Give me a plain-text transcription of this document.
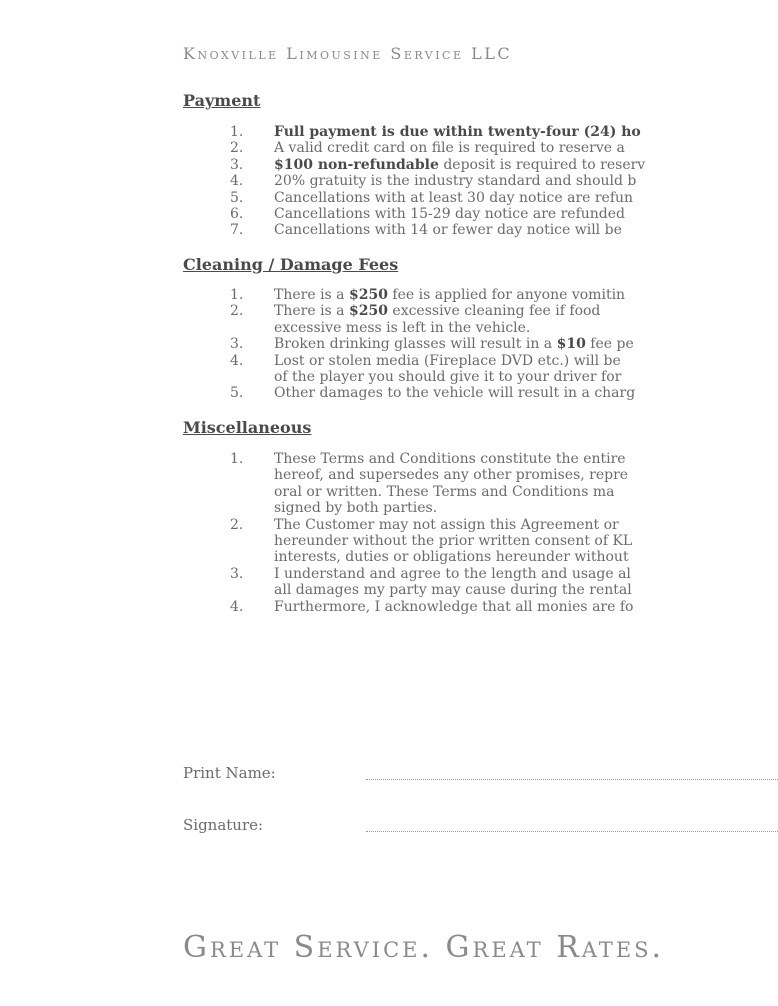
Knoxville Limousine Service LLC
Payment
1. Full payment is due within twenty-four (24) ho
2. A valid credit card on file is required to reserve a
3. $100 non-refundable deposit is required to reserv
4. 20% gratuity is the industry standard and should b
5. Cancellations with at least 30 day notice are refun
6. Cancellations with 15-29 day notice are refunded
7. Cancellations with 14 or fewer day notice will be
Cleaning / Damage Fees
1. There is a $250 fee is applied for anyone vomitin
2. There is a $250 excessive cleaning fee if food
excessive mess is left in the vehicle.
3. Broken drinking glasses will result in a $10 fee pe
4. Lost or stolen media (Fireplace DVD etc.) will be
of the player you should give it to your driver for
5. Other damages to the vehicle will result in a charg
Miscellaneous
1. These Terms and Conditions constitute the entire
hereof, and supersedes any other promises, repre
oral or written. These Terms and Conditions ma
signed by both parties.
2. The Customer may not assign this Agreement or
hereunder without the prior written consent of KL
interests, duties or obligations hereunder without
3. I understand and agree to the length and usage al
all damages my party may cause during the rental
4. Furthermore, I acknowledge that all monies are fo
Print Name:
Signature:
Great Service. Great Rates.
